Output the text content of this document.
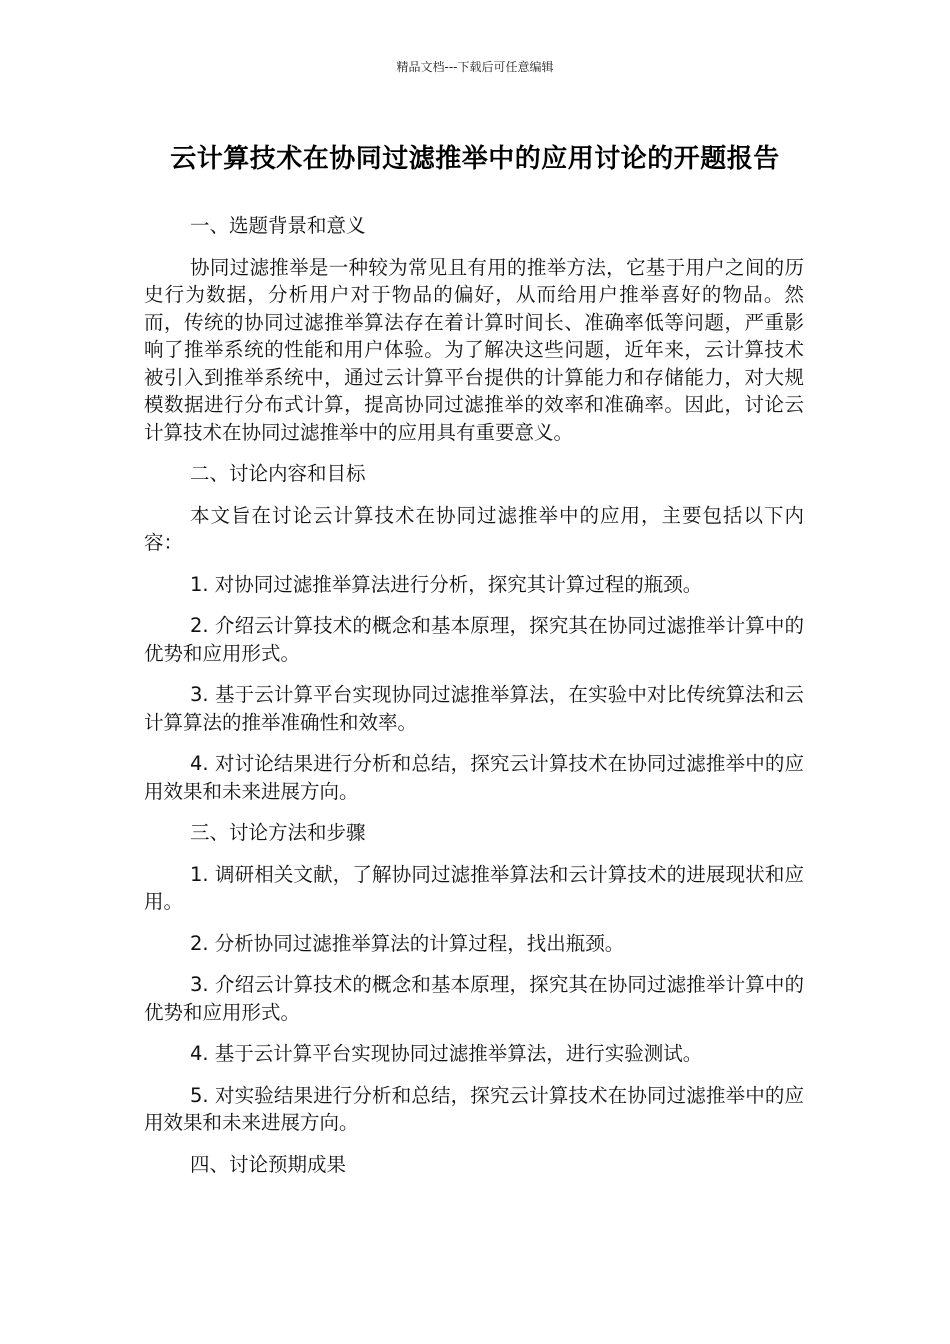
精品文档---下载后可任意编辑
云计算技术在协同过滤推举中的应用讨论的开题报告

一、选题背景和意义

协同过滤推举是一种较为常见且有用的推举方法，它基于用户之间的历史行为数据，分析用户对于物品的偏好，从而给用户推举喜好的物品。然而，传统的协同过滤推举算法存在着计算时间长、准确率低等问题，严重影响了推举系统的性能和用户体验。为了解决这些问题，近年来，云计算技术被引入到推举系统中，通过云计算平台提供的计算能力和存储能力，对大规模数据进行分布式计算，提高协同过滤推举的效率和准确率。因此，讨论云计算技术在协同过滤推举中的应用具有重要意义。

二、讨论内容和目标

本文旨在讨论云计算技术在协同过滤推举中的应用，主要包括以下内容：

1. 对协同过滤推举算法进行分析，探究其计算过程的瓶颈。

2. 介绍云计算技术的概念和基本原理，探究其在协同过滤推举计算中的优势和应用形式。

3. 基于云计算平台实现协同过滤推举算法，在实验中对比传统算法和云计算算法的推举准确性和效率。

4. 对讨论结果进行分析和总结，探究云计算技术在协同过滤推举中的应用效果和未来进展方向。

三、讨论方法和步骤

1. 调研相关文献，了解协同过滤推举算法和云计算技术的进展现状和应用。

2. 分析协同过滤推举算法的计算过程，找出瓶颈。

3. 介绍云计算技术的概念和基本原理，探究其在协同过滤推举计算中的优势和应用形式。

4. 基于云计算平台实现协同过滤推举算法，进行实验测试。

5. 对实验结果进行分析和总结，探究云计算技术在协同过滤推举中的应用效果和未来进展方向。

四、讨论预期成果
